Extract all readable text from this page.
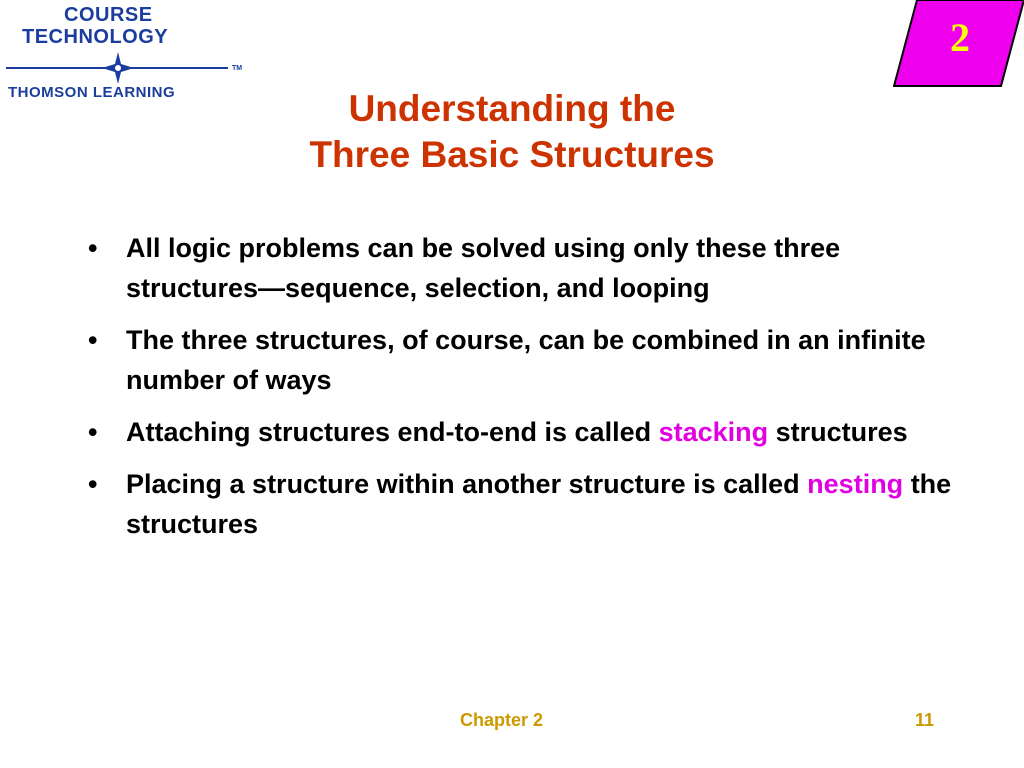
COURSE
TECHNOLOGY
TM
THOMSON LEARNING
2
Understanding the
Three Basic Structures
• All logic problems can be solved using only these three structures—sequence, selection, and looping
• The three structures, of course, can be combined in an infinite number of ways
• Attaching structures end-to-end is called stacking structures
• Placing a structure within another structure is called nesting the structures
Chapter 2	11
